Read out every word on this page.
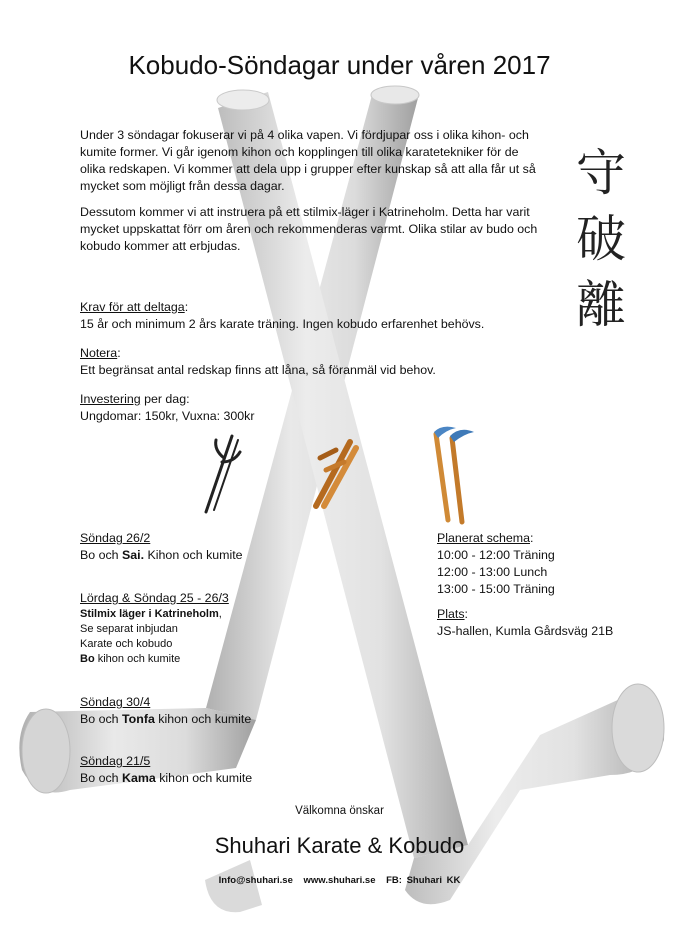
Kobudo-Söndagar under våren 2017

Under 3 söndagar fokuserar vi på 4 olika vapen. Vi fördjupar oss i olika kihon- och kumite former. Vi går igenom kihon och kopplingen till olika karatetekniker för de olika redskapen. Vi kommer att dela upp i grupper efter kunskap så att alla får ut så mycket som möjligt från dessa dagar.

Dessutom kommer vi att instruera på ett stilmix-läger i Katrineholm. Detta har varit mycket uppskattat förr om åren och rekommenderas varmt. Olika stilar av budo och kobudo kommer att erbjudas.

守
破
離
Krav för att deltaga:
15 år och minimum 2 års karate träning. Ingen kobudo erfarenhet behövs.
Notera:
Ett begränsat antal redskap finns att låna, så föranmäl vid behov.
Investering per dag:
Ungdomar: 150kr, Vuxna: 300kr
Söndag 26/2
Bo och Sai. Kihon och kumite
Lördag & Söndag 25 - 26/3
Stilmix läger i Katrineholm,
Se separat inbjudan
Karate och kobudo
Bo kihon och kumite
Söndag 30/4
Bo och Tonfa kihon och kumite
Söndag 21/5
Bo och Kama kihon och kumite
Planerat schema:
10:00 - 12:00 Träning
12:00 - 13:00 Lunch
13:00 - 15:00 Träning
Plats:
JS-hallen, Kumla Gårdsväg 21B
Välkomna önskar
Shuhari Karate & Kobudo
Info@shuhari.se www.shuhari.se FB: Shuhari KK
